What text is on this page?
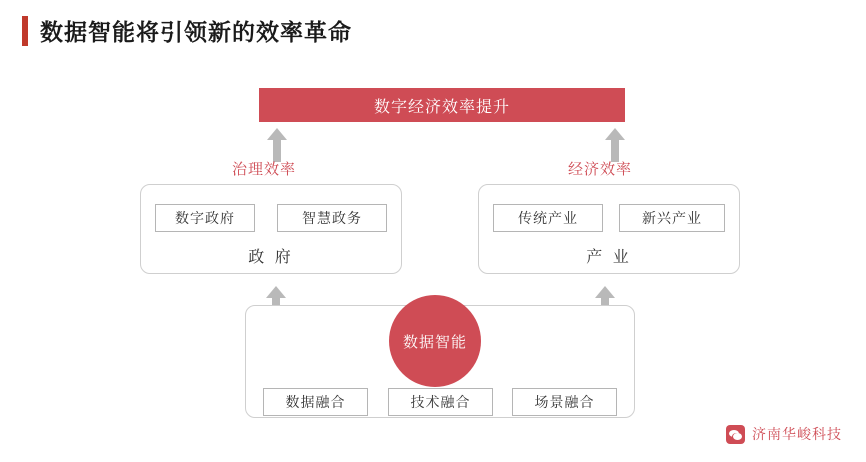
数据智能将引领新的效率革命
数字经济效率提升
治理效率	经济效率
政 府
数字政府	智慧政务
产 业
传统产业	新兴产业
数据融合	技术融合	场景融合
数据智能
济南华峻科技
